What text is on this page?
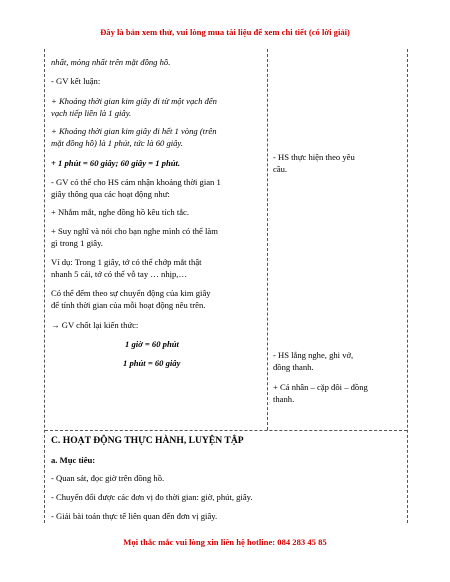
Đây là bản xem thử, vui lòng mua tài liệu để xem chi tiết (có lời giải)
nhất, mỏng nhất trên mặt đồng hồ.
- GV kết luận:
+ Khoảng thời gian kim giây đi từ một vạch đến
vạch tiếp liền là 1 giây.
+ Khoảng thời gian kim giây đi hết 1 vòng (trên
mặt đồng hồ) là 1 phút, tức là 60 giây.
+ 1 phút = 60 giây; 60 giây = 1 phút.
- GV có thể cho HS cảm nhận khoảng thời gian 1
giây thông qua các hoạt động như:
+ Nhắm mắt, nghe đồng hồ kêu tích tắc.
+ Suy nghĩ và nói cho bạn nghe mình có thể làm
gì trong 1 giây.
Ví dụ: Trong 1 giây, tớ có thể chớp mắt thật
nhanh 5 cái, tớ có thể vỗ tay … nhịp,…
Có thể đếm theo sự chuyển động của kim giây
để tính thời gian của mỗi hoạt động nêu trên.
→ GV chốt lại kiến thức:
1 giờ = 60 phút
1 phút = 60 giây
- HS thực hiện theo yêu
cầu.
- HS lắng nghe, ghi vở,
đồng thanh.
+ Cá nhân – cặp đôi – đồng
thanh.
C. HOẠT ĐỘNG THỰC HÀNH, LUYỆN TẬP
a. Mục tiêu:
- Quan sát, đọc giờ trên đồng hồ.
- Chuyển đổi được các đơn vị đo thời gian: giờ, phút, giây.
- Giải bài toán thực tế liên quan đến đơn vị giây.
Mọi thắc mắc vui lòng xin liên hệ hotline: 084 283 45 85
